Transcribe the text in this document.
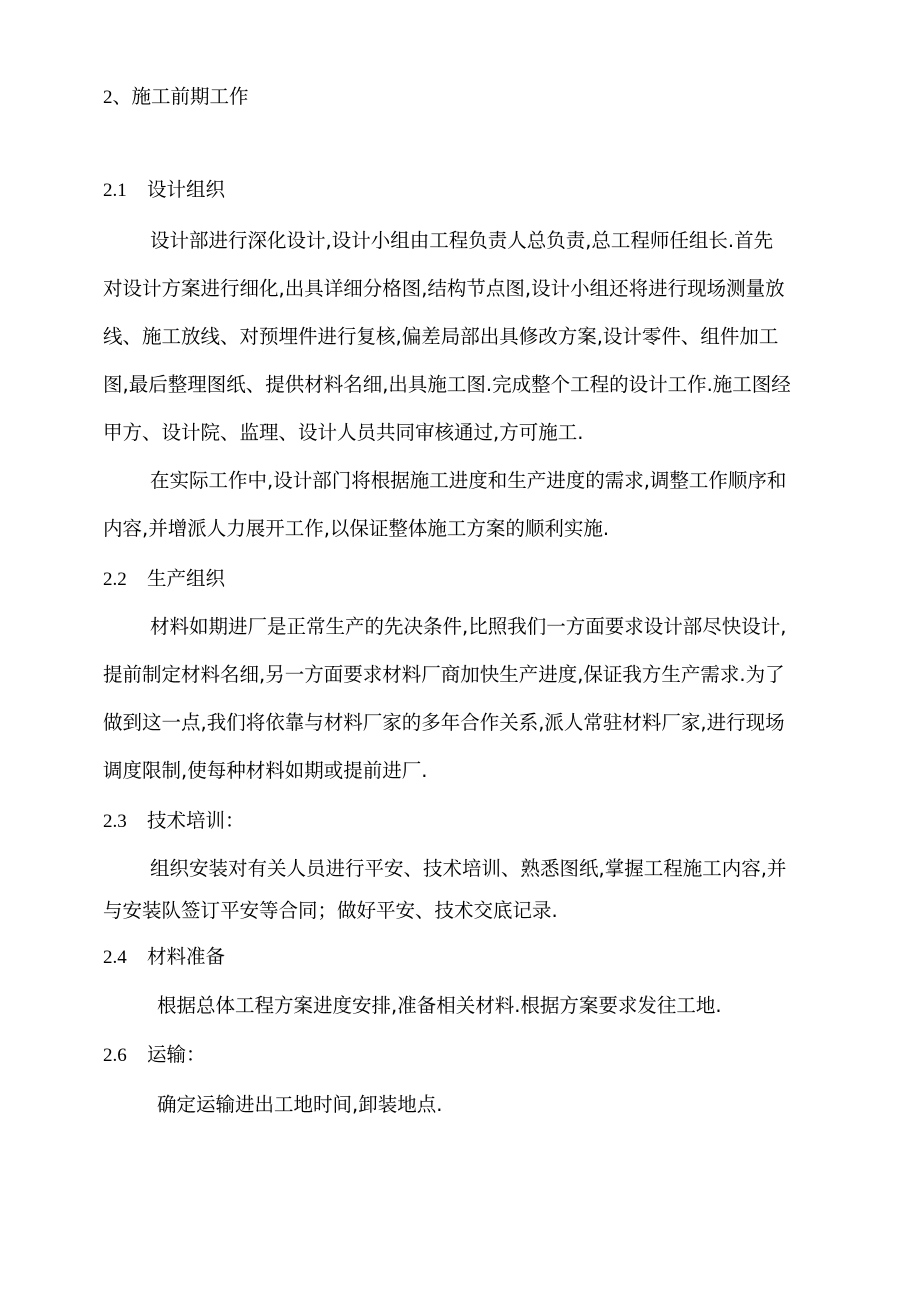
2、施工前期工作
2.1 设计组织
设计部进行深化设计,设计小组由工程负责人总负责,总工程师任组长.首先
对设计方案进行细化,出具详细分格图,结构节点图,设计小组还将进行现场测量放
线、施工放线、对预埋件进行复核,偏差局部出具修改方案,设计零件、组件加工
图,最后整理图纸、提供材料名细,出具施工图.完成整个工程的设计工作.施工图经
甲方、设计院、监理、设计人员共同审核通过,方可施工.
在实际工作中,设计部门将根据施工进度和生产进度的需求,调整工作顺序和
内容,并增派人力展开工作,以保证整体施工方案的顺利实施.
2.2 生产组织
材料如期进厂是正常生产的先决条件,比照我们一方面要求设计部尽快设计,
提前制定材料名细,另一方面要求材料厂商加快生产进度,保证我方生产需求.为了
做到这一点,我们将依靠与材料厂家的多年合作关系,派人常驻材料厂家,进行现场
调度限制,使每种材料如期或提前进厂.
2.3 技术培训：
组织安装对有关人员进行平安、技术培训、熟悉图纸,掌握工程施工内容,并
与安装队签订平安等合同；做好平安、技术交底记录.
2.4 材料准备
根据总体工程方案进度安排,准备相关材料.根据方案要求发往工地.
2.6 运输：
确定运输进出工地时间,卸装地点.
